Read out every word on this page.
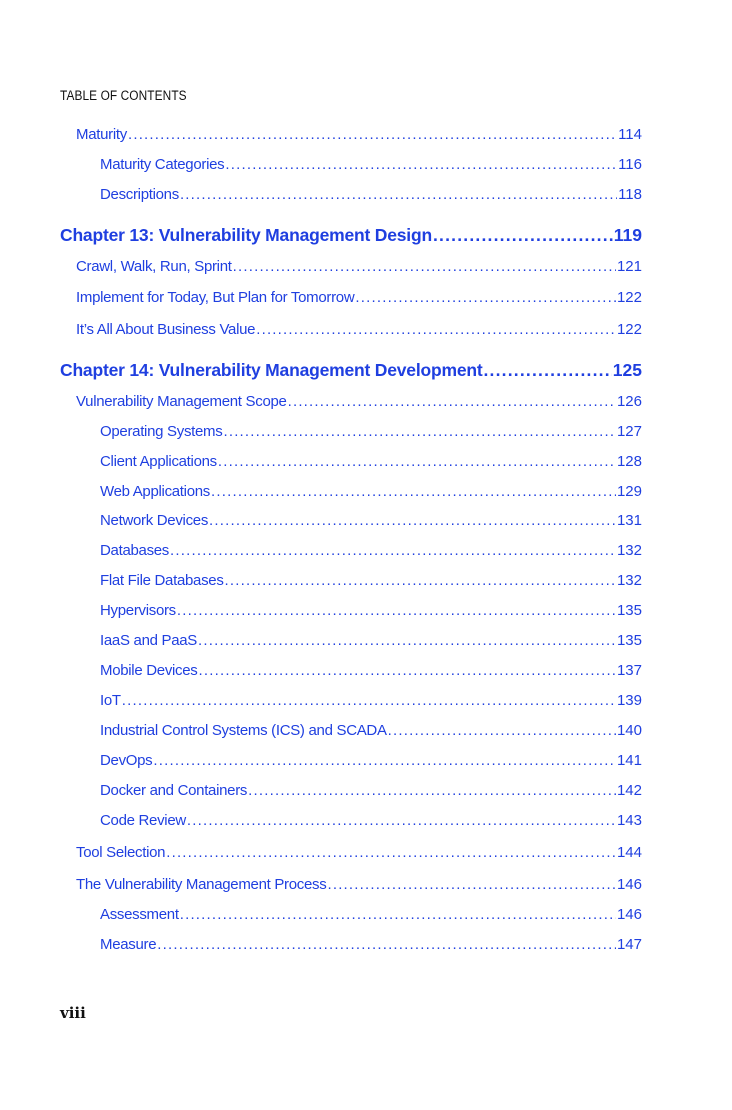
TABLE OF CONTENTS
Maturity .....	114
Maturity Categories .....	116
Descriptions .....	118
Chapter 13: Vulnerability Management Design .....	119
Crawl, Walk, Run, Sprint .....	121
Implement for Today, But Plan for Tomorrow .....	122
It’s All About Business Value .....	122
Chapter 14: Vulnerability Management Development .....	125
Vulnerability Management Scope .....	126
Operating Systems .....	127
Client Applications .....	128
Web Applications .....	129
Network Devices .....	131
Databases .....	132
Flat File Databases .....	132
Hypervisors .....	135
IaaS and PaaS .....	135
Mobile Devices .....	137
IoT .....	139
Industrial Control Systems (ICS) and SCADA .....	140
DevOps .....	141
Docker and Containers .....	142
Code Review .....	143
Tool Selection .....	144
The Vulnerability Management Process .....	146
Assessment .....	146
Measure .....	147
viii
